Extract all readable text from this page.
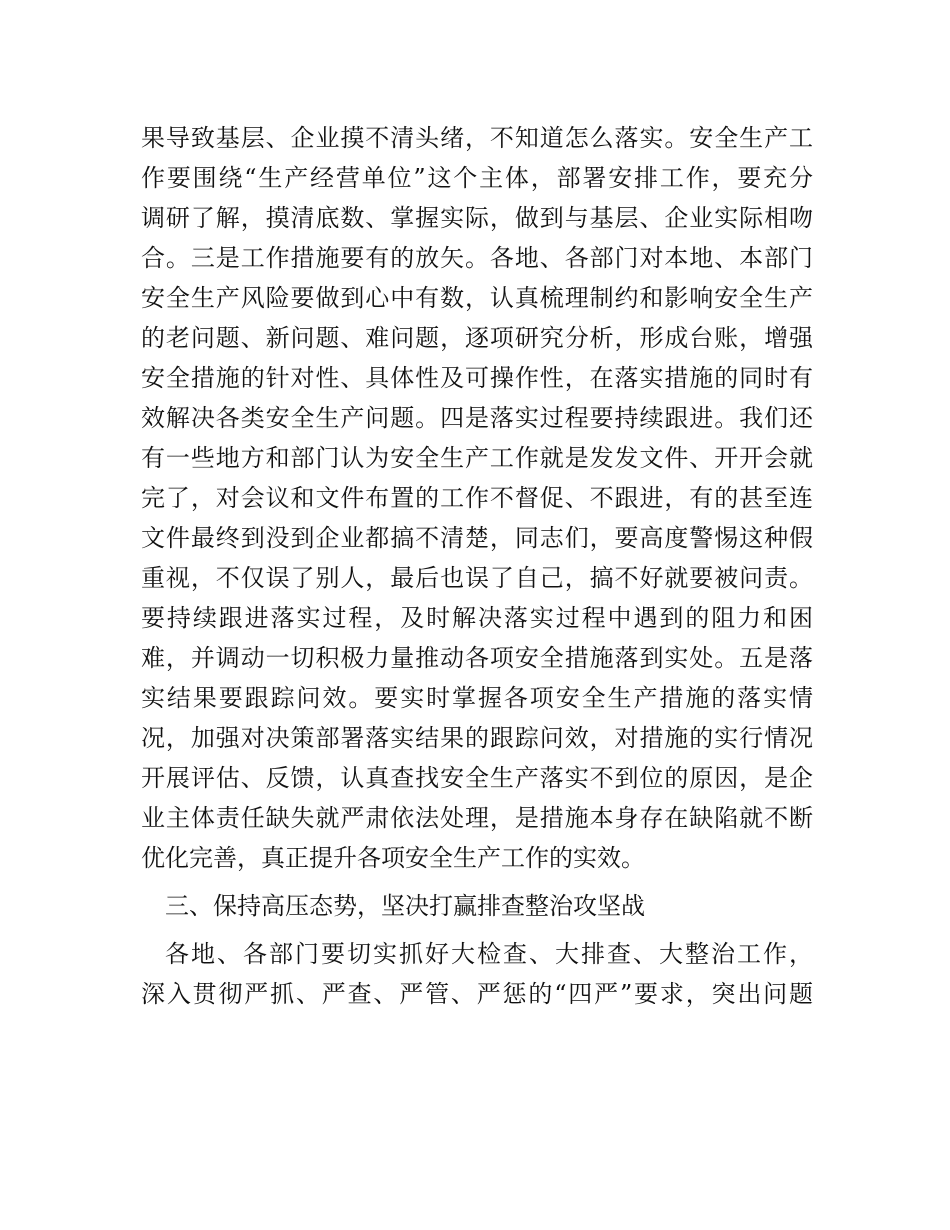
果导致基层、企业摸不清头绪，不知道怎么落实。安全生产工
作要围绕“生产经营单位”这个主体，部署安排工作，要充分
调研了解，摸清底数、掌握实际，做到与基层、企业实际相吻
合。三是工作措施要有的放矢。各地、各部门对本地、本部门
安全生产风险要做到心中有数，认真梳理制约和影响安全生产
的老问题、新问题、难问题，逐项研究分析，形成台账，增强
安全措施的针对性、具体性及可操作性，在落实措施的同时有
效解决各类安全生产问题。四是落实过程要持续跟进。我们还
有一些地方和部门认为安全生产工作就是发发文件、开开会就
完了，对会议和文件布置的工作不督促、不跟进，有的甚至连
文件最终到没到企业都搞不清楚，同志们，要高度警惕这种假
重视，不仅误了别人，最后也误了自己，搞不好就要被问责。
要持续跟进落实过程，及时解决落实过程中遇到的阻力和困
难，并调动一切积极力量推动各项安全措施落到实处。五是落
实结果要跟踪问效。要实时掌握各项安全生产措施的落实情
况，加强对决策部署落实结果的跟踪问效，对措施的实行情况
开展评估、反馈，认真查找安全生产落实不到位的原因，是企
业主体责任缺失就严肃依法处理，是措施本身存在缺陷就不断
优化完善，真正提升各项安全生产工作的实效。
三、保持高压态势，坚决打赢排查整治攻坚战
各地、各部门要切实抓好大检查、大排查、大整治工作，
深入贯彻严抓、严查、严管、严惩的“四严”要求，突出问题
